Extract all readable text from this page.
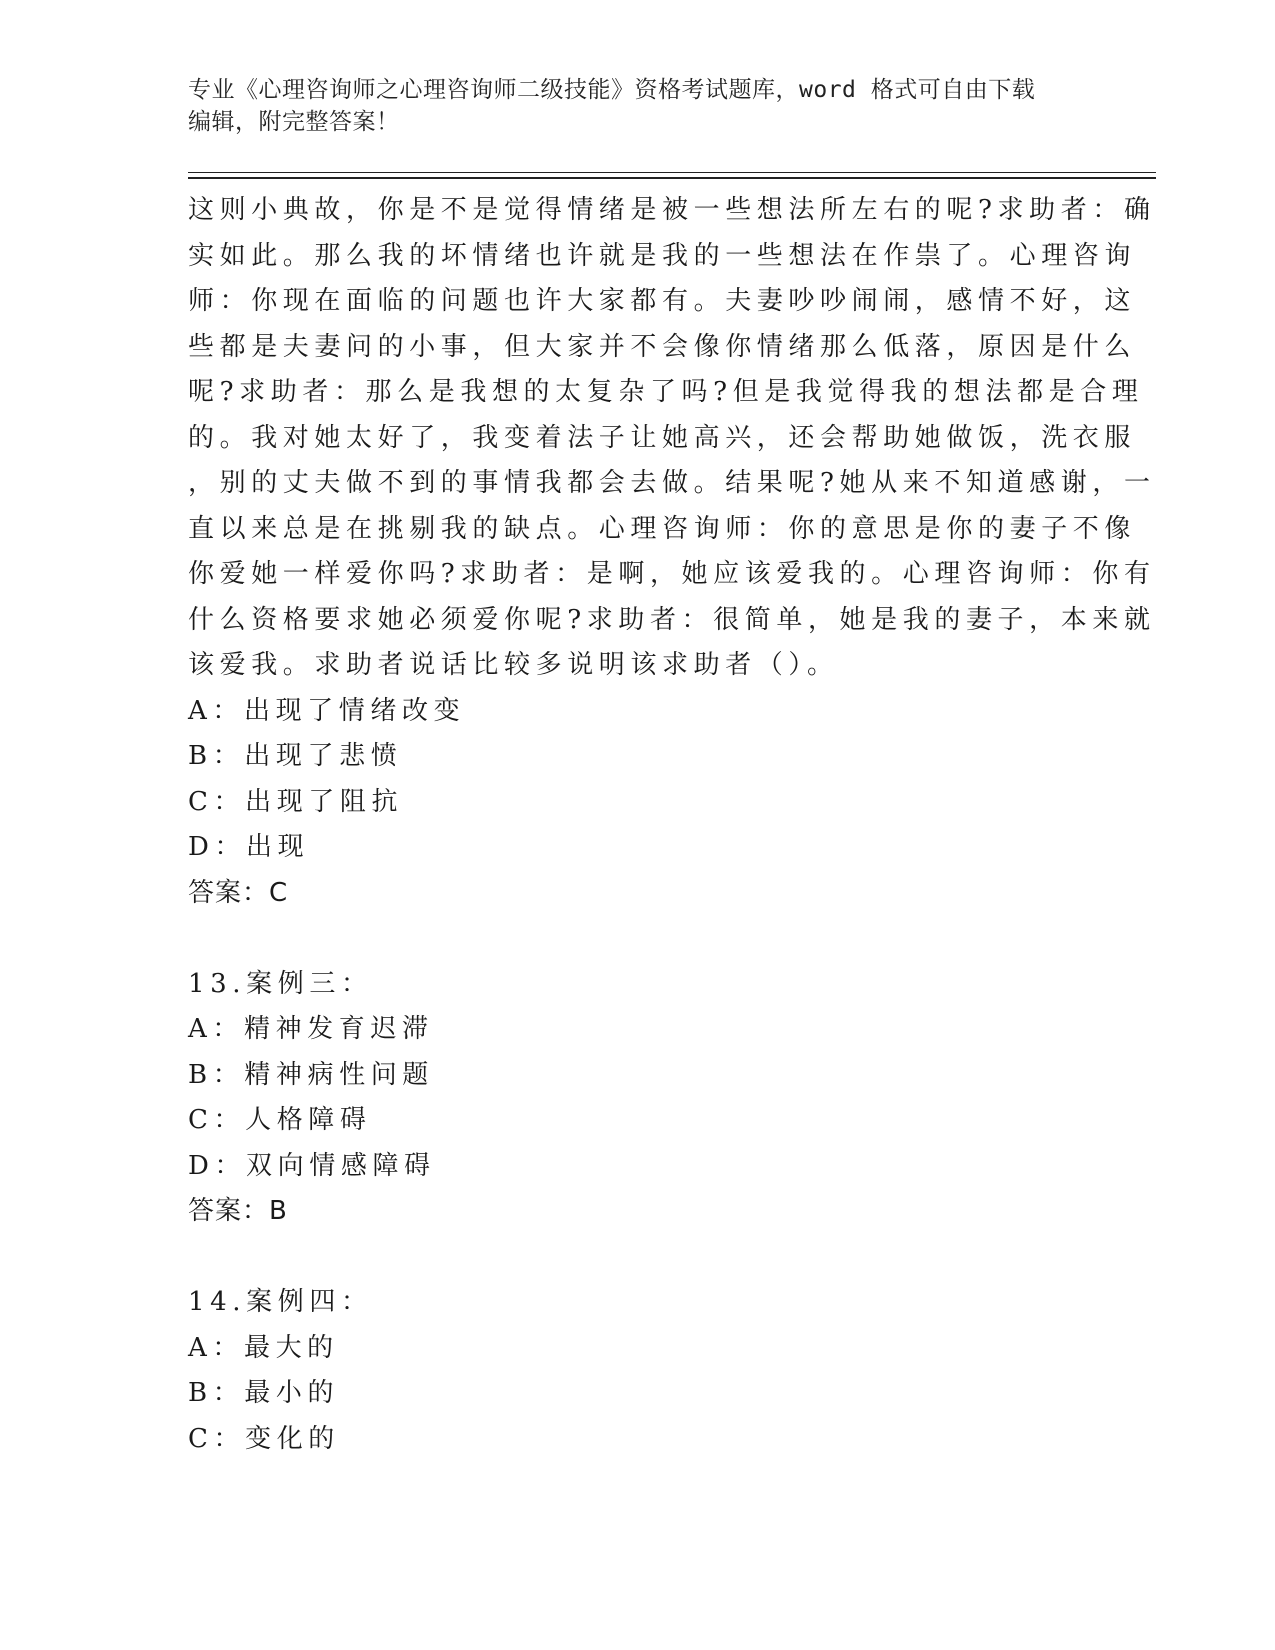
专业《心理咨询师之心理咨询师二级技能》资格考试题库，word 格式可自由下载
编辑，附完整答案！
这则小典故，你是不是觉得情绪是被一些想法所左右的呢?求助者：确
实如此。那么我的坏情绪也许就是我的一些想法在作祟了。心理咨询
师：你现在面临的问题也许大家都有。夫妻吵吵闹闹，感情不好，这
些都是夫妻问的小事，但大家并不会像你情绪那么低落，原因是什么
呢?求助者：那么是我想的太复杂了吗?但是我觉得我的想法都是合理
的。我对她太好了，我变着法子让她高兴，还会帮助她做饭，洗衣服
，别的丈夫做不到的事情我都会去做。结果呢?她从来不知道感谢，一
直以来总是在挑剔我的缺点。心理咨询师：你的意思是你的妻子不像
你爱她一样爱你吗?求助者：是啊，她应该爱我的。心理咨询师：你有
什么资格要求她必须爱你呢?求助者：很简单，她是我的妻子，本来就
该爱我。求助者说话比较多说明该求助者（）。
A：出现了情绪改变
B：出现了悲愤
C：出现了阻抗
D：出现
答案：C
13.案例三：
A：精神发育迟滞
B：精神病性问题
C：人格障碍
D：双向情感障碍
答案：B
14.案例四：
A：最大的
B：最小的
C：变化的
